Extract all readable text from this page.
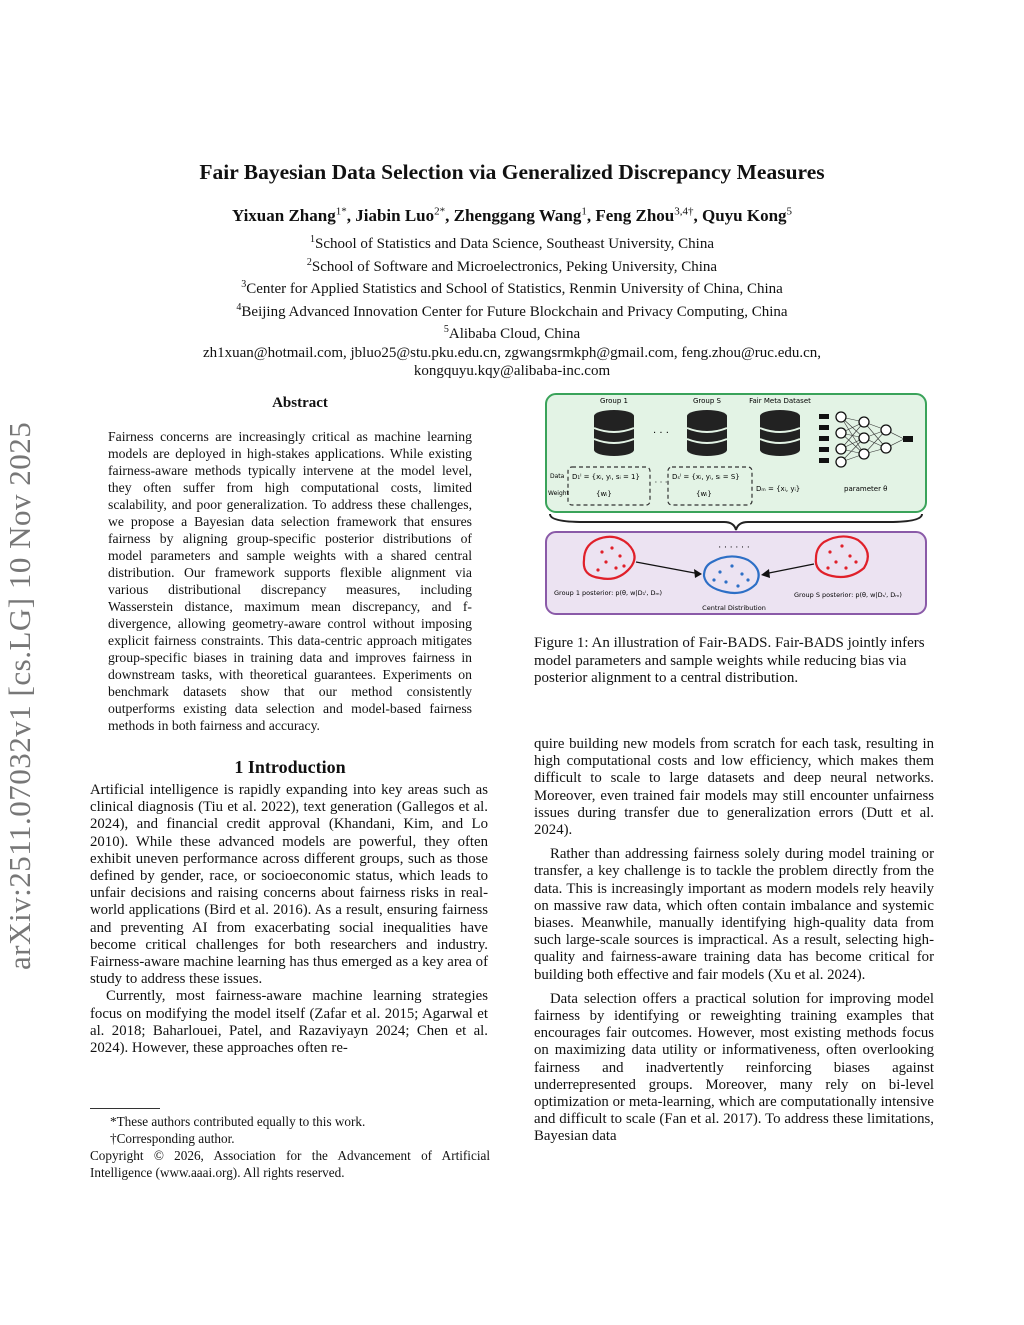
Fair Bayesian Data Selection via Generalized Discrepancy Measures
Yixuan Zhang$^{1*}$, Jiabin Luo$^{2*}$, Zhenggang Wang$^1$, Feng Zhou$^{3,4\dagger}$, Quyu Kong$^5$
$^1$School of Statistics and Data Science, Southeast University, China
$^2$School of Software and Microelectronics, Peking University, China
$^3$Center for Applied Statistics and School of Statistics, Renmin University of China, China
$^4$Beijing Advanced Innovation Center for Future Blockchain and Privacy Computing, China
$^5$Alibaba Cloud, China
zh1xuan@hotmail.com, jbluo25@stu.pku.edu.cn, zgwangsrmkph@gmail.com, feng.zhou@ruc.edu.cn,
kongquyu.kqy@alibaba-inc.com
arXiv:2511.07032v1 [cs.LG] 10 Nov 2025
Abstract
Fairness concerns are increasingly critical as machine learning models are deployed in high-stakes applications. While existing fairness-aware methods typically intervene at the model level, they often suffer from high computational costs, limited scalability, and poor generalization. To address these challenges, we propose a Bayesian data selection framework that ensures fairness by aligning group-specific posterior distributions of model parameters and sample weights with a shared central distribution. Our framework supports flexible alignment via various distributional discrepancy measures, including Wasserstein distance, maximum mean discrepancy, and f-divergence, allowing geometry-aware control without imposing explicit fairness constraints. This data-centric approach mitigates group-specific biases in training data and improves fairness in downstream tasks, with theoretical guarantees. Experiments on benchmark datasets show that our method consistently outperforms existing data selection and model-based fairness methods in both fairness and accuracy.
1 Introduction

Artificial intelligence is rapidly expanding into key areas such as clinical diagnosis (Tiu et al. 2022), text generation (Gallegos et al. 2024), and financial credit approval (Khandani, Kim, and Lo 2010). While these advanced models are powerful, they often exhibit uneven performance across different groups, such as those defined by gender, race, or socioeconomic status, which leads to unfair decisions and raising concerns about fairness risks in real-world applications (Bird et al. 2016). As a result, ensuring fairness and preventing AI from exacerbating social inequalities have become critical challenges for both researchers and industry. Fairness-aware machine learning has thus emerged as a key area of study to address these issues.

Currently, most fairness-aware machine learning strategies focus on modifying the model itself (Zafar et al. 2015; Agarwal et al. 2018; Baharlouei, Patel, and Razaviyayn 2024; Chen et al. 2024). However, these approaches often re-

*These authors contributed equally to this work.

†Corresponding author.

Copyright © 2026, Association for the Advancement of Artificial Intelligence (www.aaai.org). All rights reserved.

Group 1	Group S	Fair Meta Dataset
· · ·
Data
Weight
D₁ˡ = {xᵢ, yᵢ, sᵢ = 1}
{wᵢ}
· · ·
Dₛˡ = {xᵢ, yᵢ, sᵢ = S}
{wᵢ}
Dₘ = {xᵢ, yᵢ}	parameter θ
· · · · · ·
Group 1 posterior: p(θ, w|D₁ˡ, Dₘ)	Group S posterior: p(θ, w|Dₛˡ, Dₘ)
Central Distribution
Figure 1: An illustration of Fair-BADS. Fair-BADS jointly infers model parameters and sample weights while reducing bias via posterior alignment to a central distribution.

quire building new models from scratch for each task, resulting in high computational costs and low efficiency, which makes them difficult to scale to large datasets and deep neural networks. Moreover, even trained fair models may still encounter unfairness issues during transfer due to generalization errors (Dutt et al. 2024).

Rather than addressing fairness solely during model training or transfer, a key challenge is to tackle the problem directly from the data. This is increasingly important as modern models rely heavily on massive raw data, which often contain imbalance and systemic biases. Meanwhile, manually identifying high-quality data from such large-scale sources is impractical. As a result, selecting high-quality and fairness-aware training data has become critical for building both effective and fair models (Xu et al. 2024).

Data selection offers a practical solution for improving model fairness by identifying or reweighting training examples that encourages fair outcomes. However, most existing methods focus on maximizing data utility or informativeness, often overlooking fairness and inadvertently reinforcing biases against underrepresented groups. Moreover, many rely on bi-level optimization or meta-learning, which are computationally intensive and difficult to scale (Fan et al. 2017). To address these limitations, Bayesian data
